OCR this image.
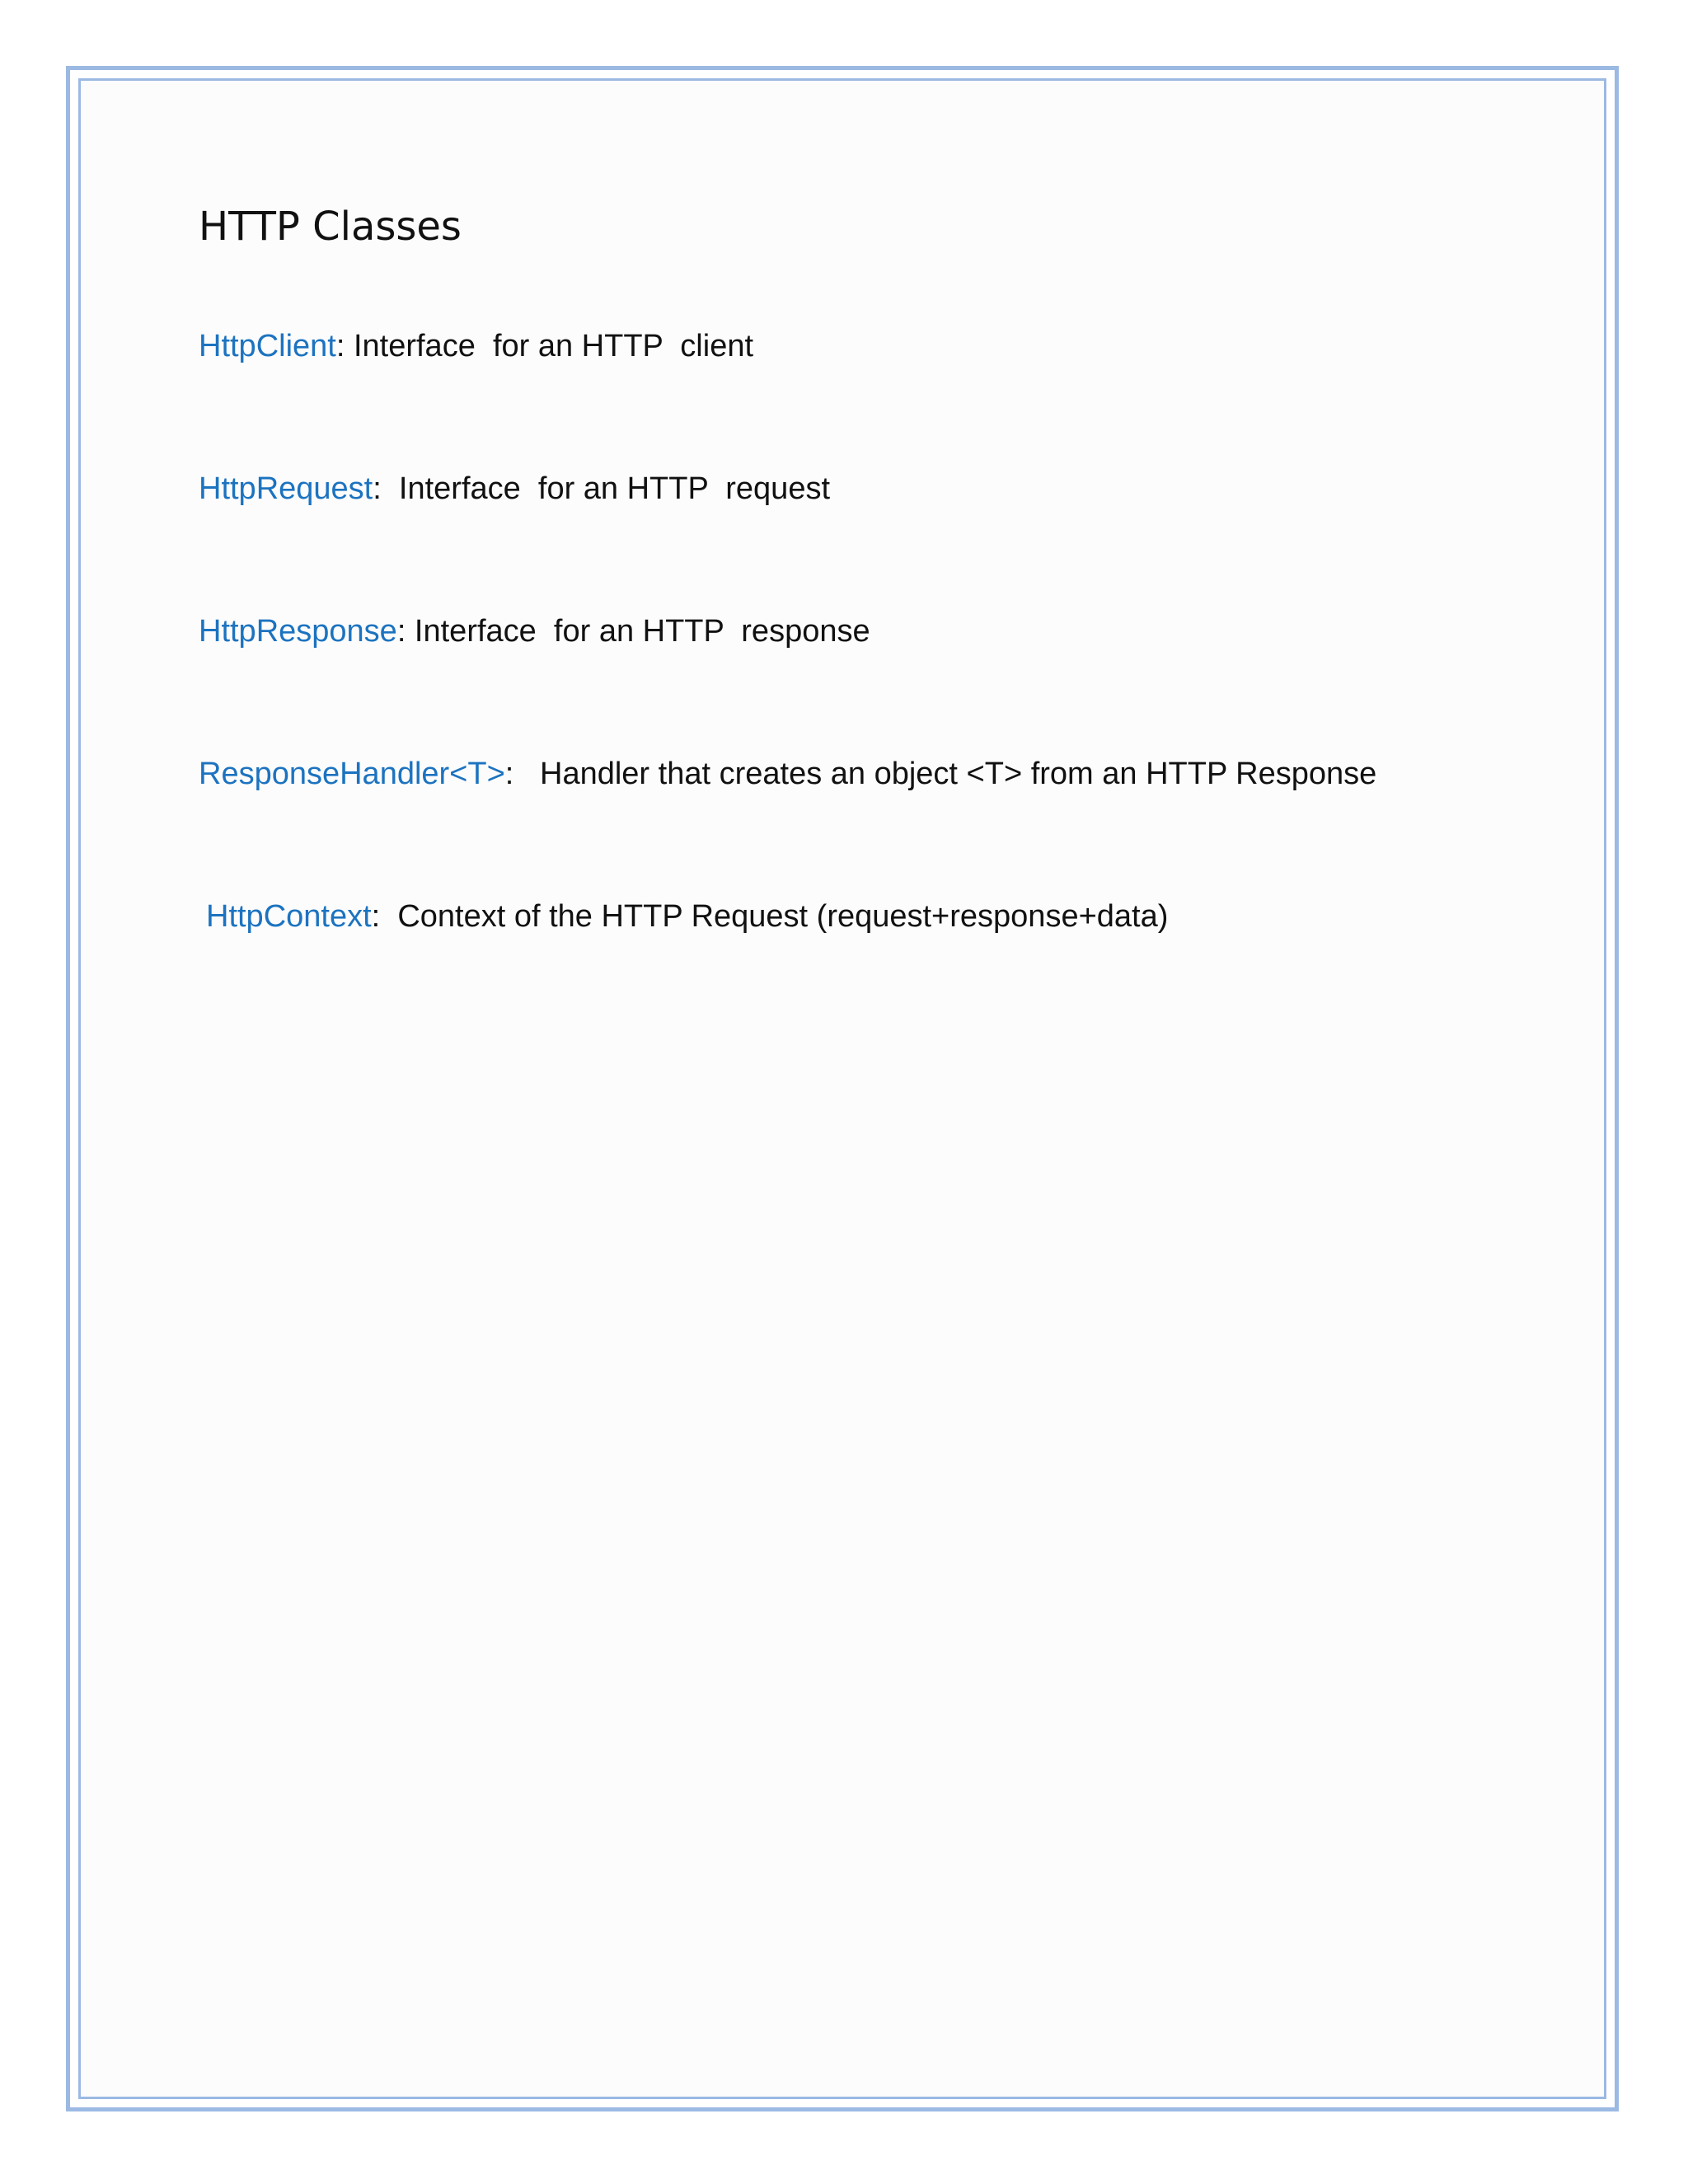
HTTP Classes

HttpClient: Interface  for an HTTP  client

HttpRequest:  Interface  for an HTTP  request

HttpResponse: Interface  for an HTTP  response

ResponseHandler<T>:   Handler that creates an object <T> from an HTTP Response

HttpContext:  Context of the HTTP Request (request+response+data)
